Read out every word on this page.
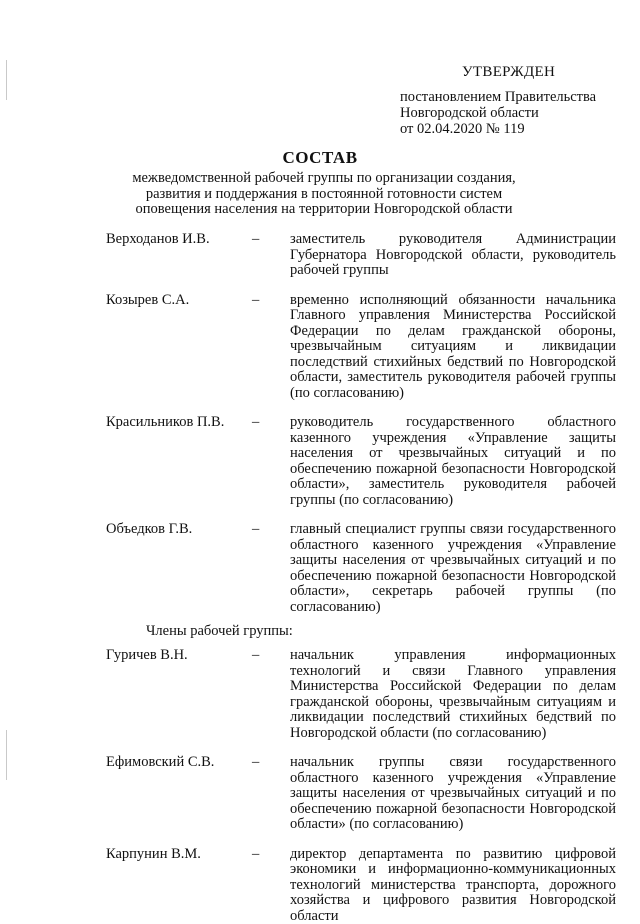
УТВЕРЖДЕН
постановлением Правительства
Новгородской области
от 02.04.2020 № 119
СОСТАВ
межведомственной рабочей группы по организации создания, развития и поддержания в постоянной готовности систем оповещения населения на территории Новгородской области
Верходанов И.В.	– заместитель руководителя Администрации Губернатора Новгородской области, руководитель рабочей группы
Козырев С.А.	– временно исполняющий обязанности начальника Главного управления Министерства Российской Федерации по делам гражданской обороны, чрезвычайным ситуациям и ликвидации последствий стихийных бедствий по Новгородской области, заместитель руководителя рабочей группы (по согласованию)
Красильников П.В. – руководитель государственного областного казенного учреждения «Управление защиты населения от чрезвычайных ситуаций и по обеспечению пожарной безопасности Новгородской области», заместитель руководителя рабочей группы (по согласованию)
Объедков Г.В.	– главный специалист группы связи государственного областного казенного учреждения «Управление защиты населения от чрезвычайных ситуаций и по обеспечению пожарной безопасности Новгородской области», секретарь рабочей группы (по согласованию)
Члены рабочей группы:
Гуричев В.Н.	– начальник управления информационных технологий и связи Главного управления Министерства Российской Федерации по делам гражданской обороны, чрезвычайным ситуациям и ликвидации последствий стихийных бедствий по Новгородской области (по согласованию)
Ефимовский С.В.	– начальник группы связи государственного областного казенного учреждения «Управление защиты населения от чрезвычайных ситуаций и по обеспечению пожарной безопасности Новгородской области» (по согласованию)
Карпунин В.М.	– директор департамента по развитию цифровой экономики и информационно-коммуникационных технологий министерства транспорта, дорожного хозяйства и цифрового развития Новгородской области
